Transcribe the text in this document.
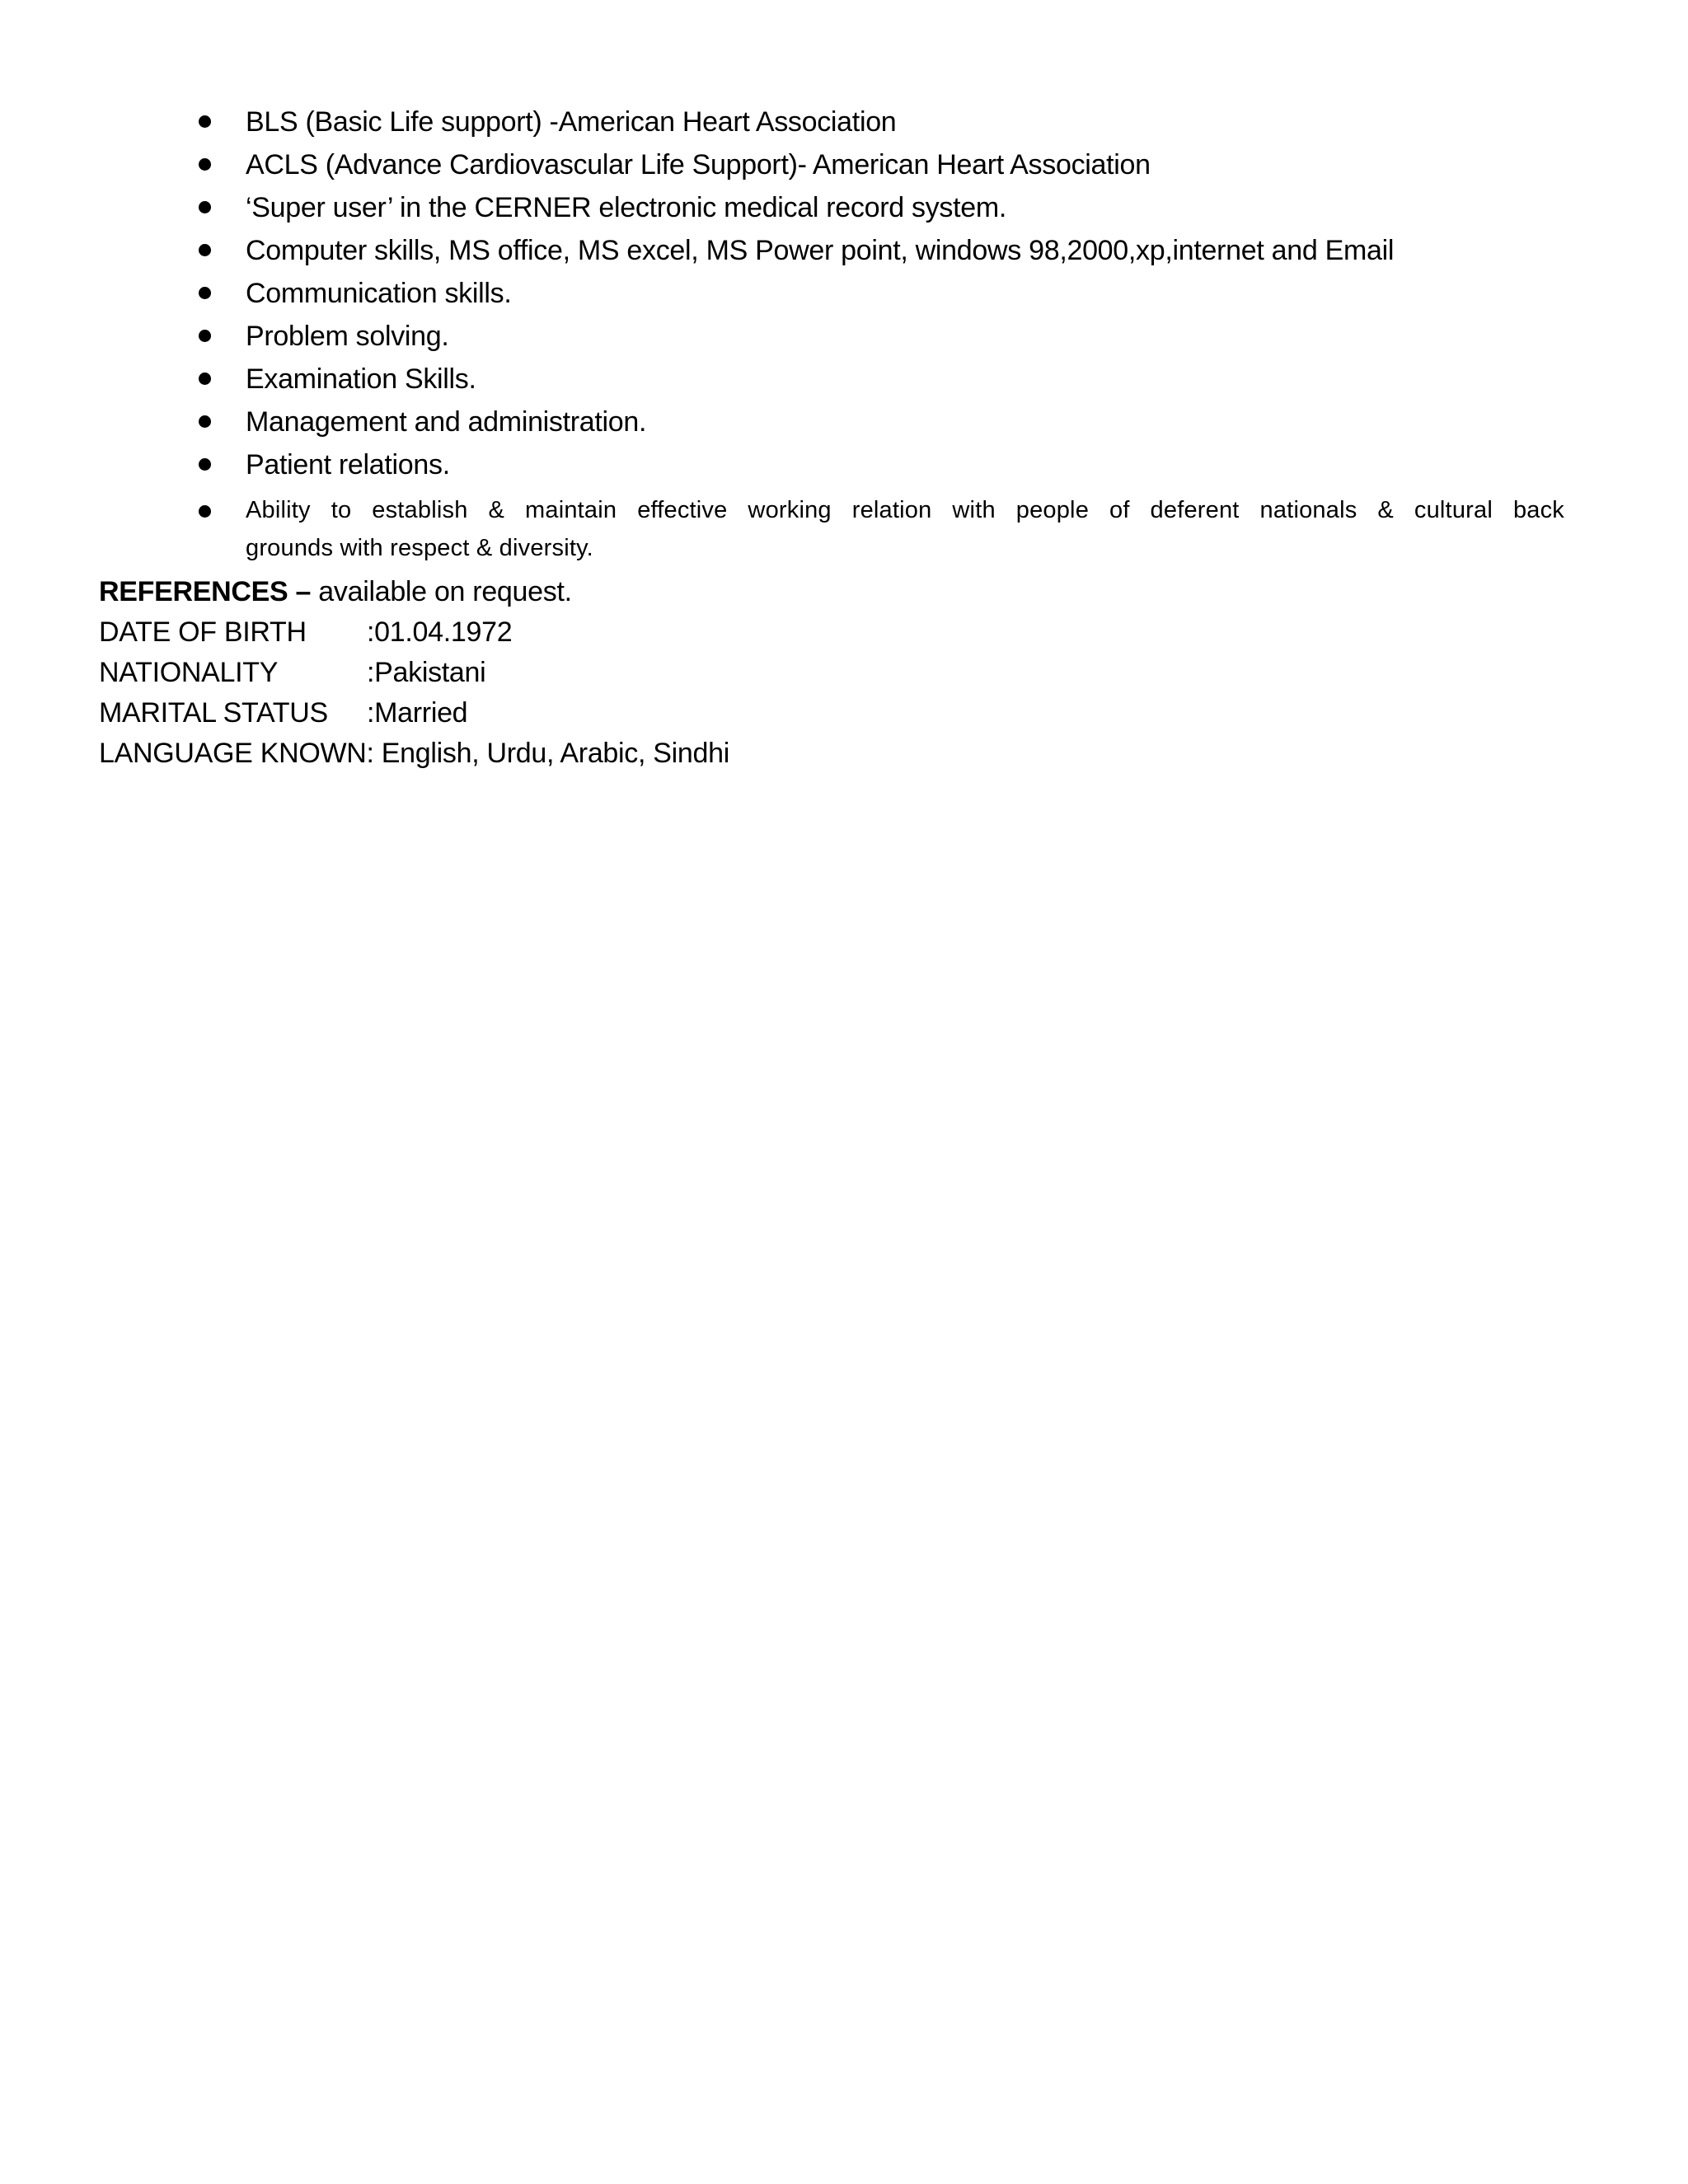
BLS (Basic Life support) -American Heart Association
ACLS (Advance Cardiovascular Life Support)- American Heart Association
‘Super user’ in the CERNER electronic medical record system.
Computer skills, MS office, MS excel, MS Power point, windows 98,2000,xp,internet and Email
Communication skills.
Problem solving.
Examination Skills.
Management and administration.
Patient relations.
Ability to establish & maintain effective working relation with people of deferent nationals & cultural back
grounds with respect & diversity.
REFERENCES – available on request.
DATE OF BIRTH :01.04.1972
NATIONALITY	:Pakistani
MARITAL STATUS :Married
LANGUAGE KNOWN: English, Urdu, Arabic, Sindhi
